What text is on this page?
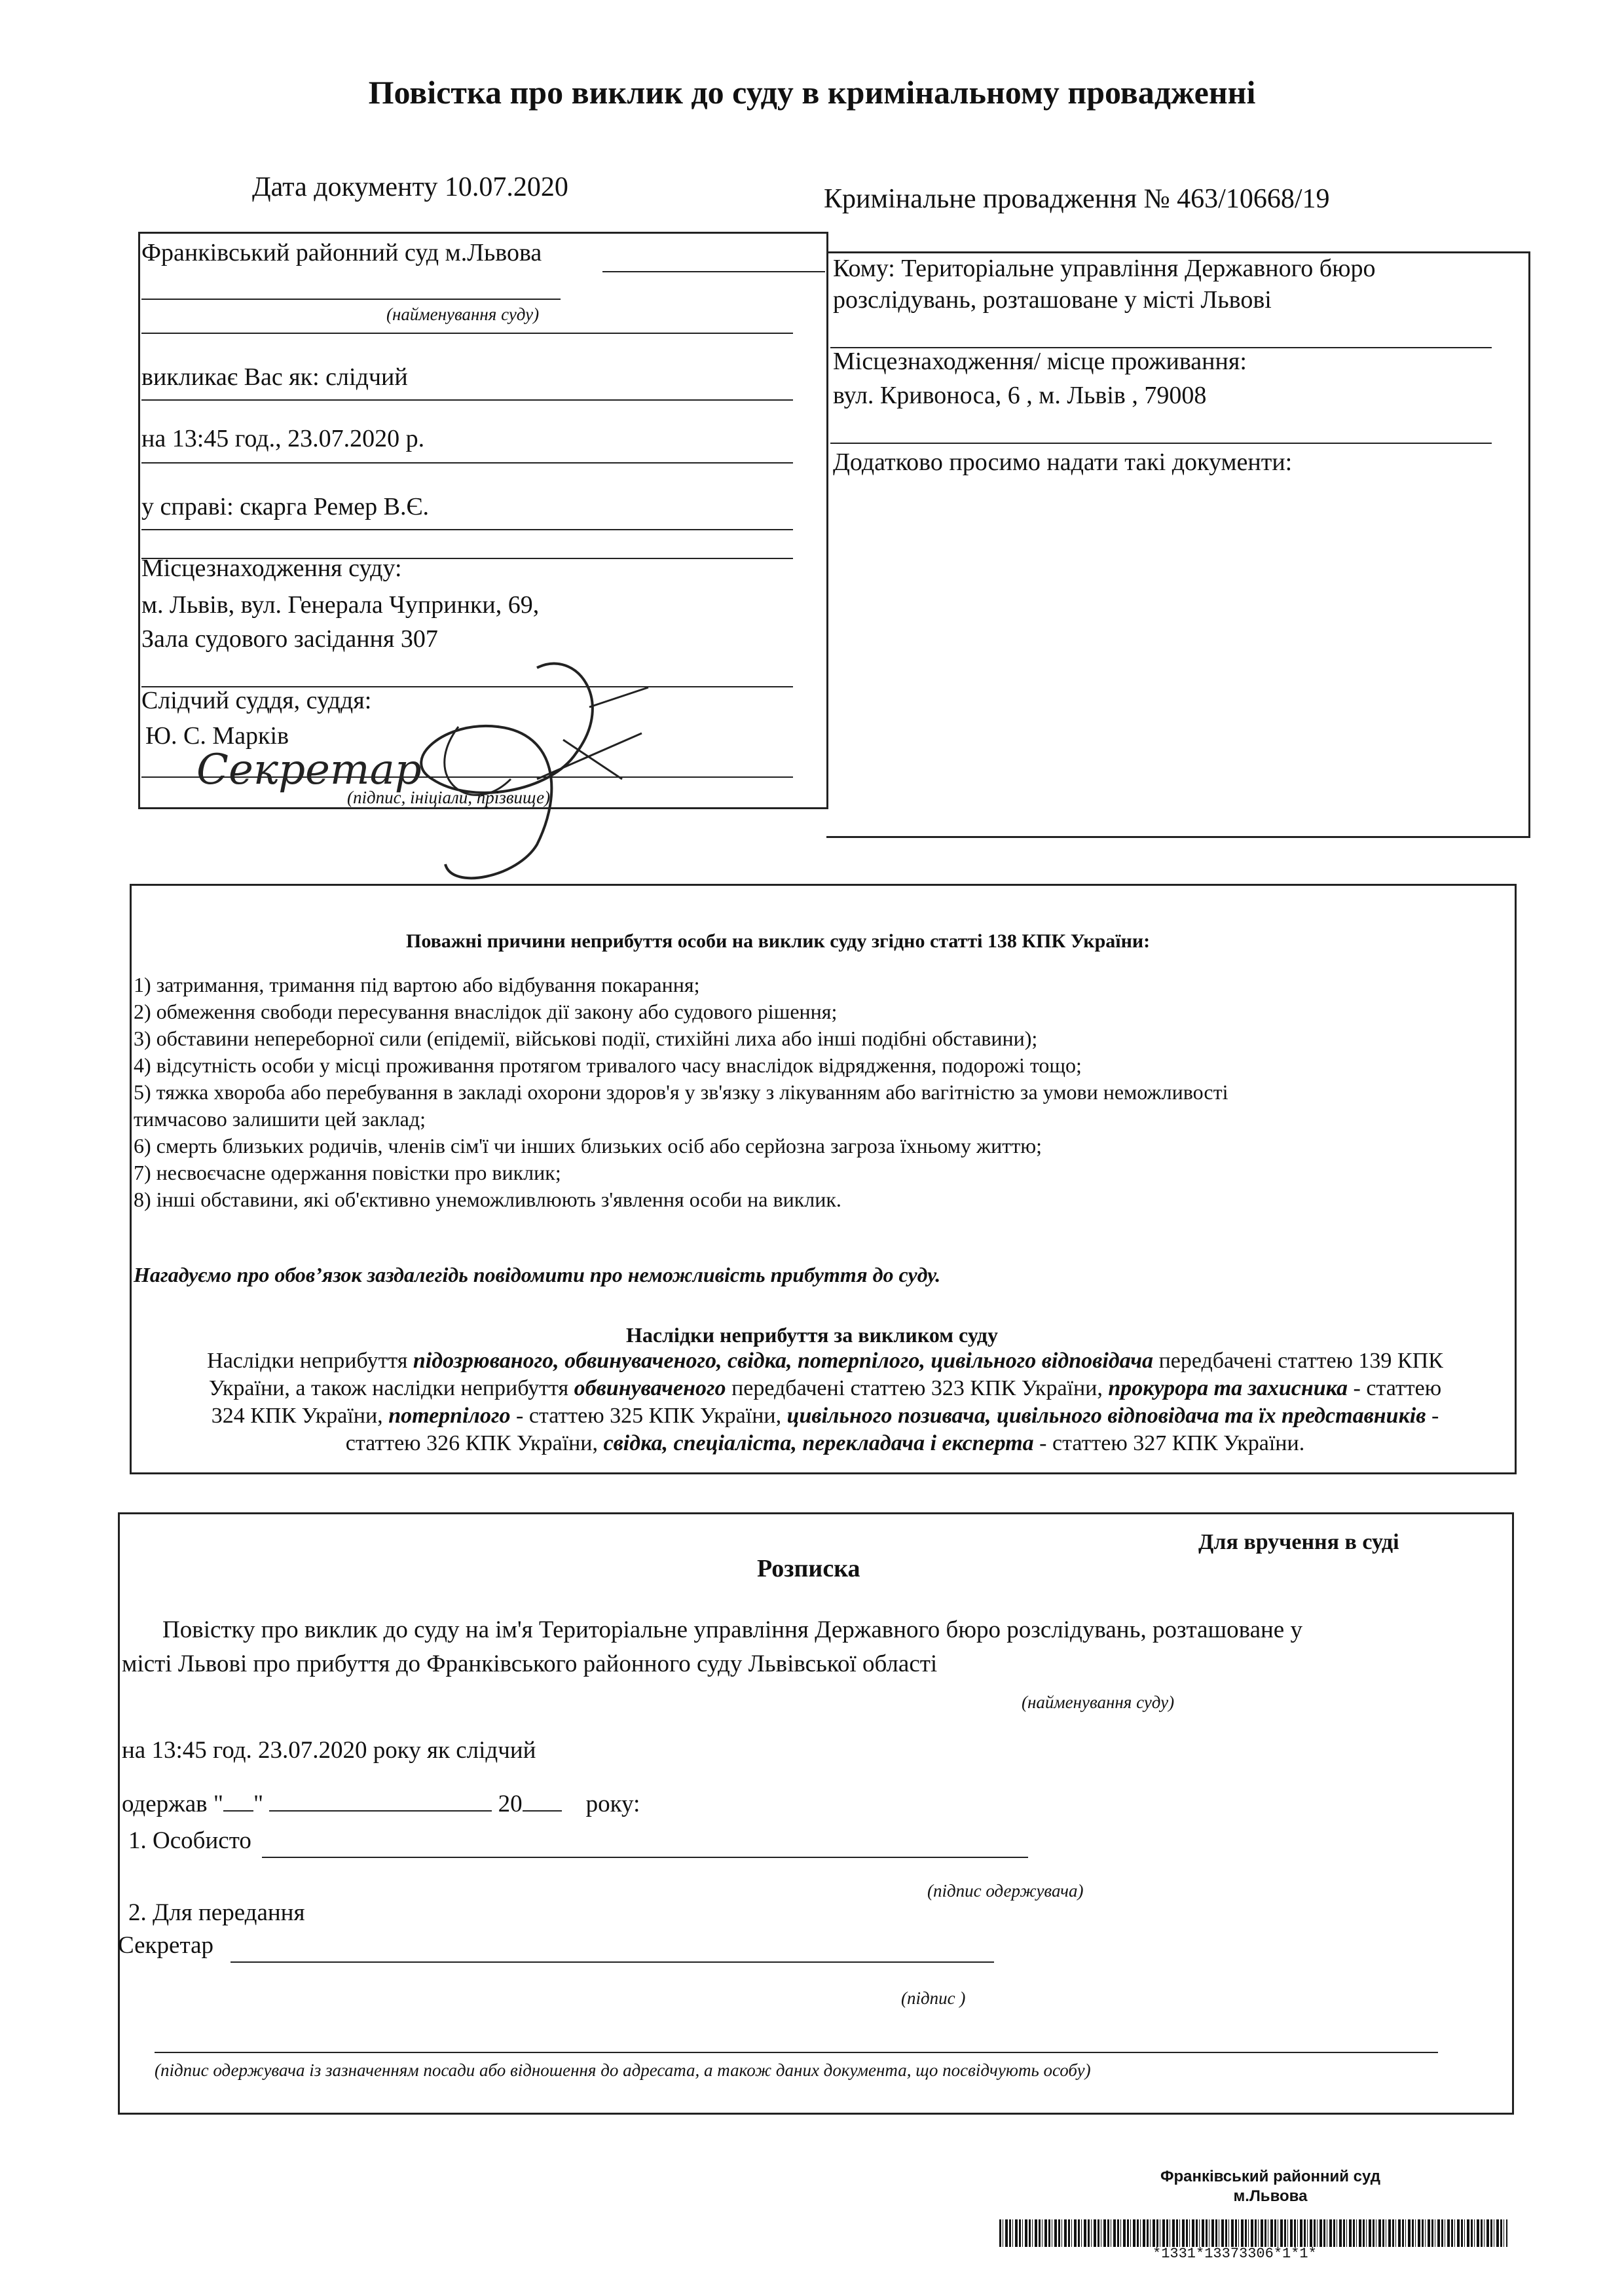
Повістка про виклик до суду в кримінальному провадженні
Дата документу 10.07.2020	Кримінальне провадження № 463/10668/19
Франківський районний суд м.Львова
(найменування суду)
викликає Вас як: слідчий
на 13:45 год., 23.07.2020 р.
у справі: скарга Ремер В.Є.
Місцезнаходження суду:
м. Львів, вул. Генерала Чупринки, 69,
Зала судового засідання 307
Слідчий суддя, суддя:
Ю. С. Марків
Секретар
(підпис, ініціали, прізвище)
Кому: Територіальне управління Державного бюро
розслідувань, розташоване у місті Львові
Місцезнаходження/ місце проживання:
вул. Кривоноса, 6 , м. Львів , 79008
Додатково просимо надати такі документи:
Поважні причини неприбуття особи на виклик суду згідно статті 138 КПК України:
1) затримання, тримання під вартою або відбування покарання;
2) обмеження свободи пересування внаслідок дії закону або судового рішення;
3) обставини непереборної сили (епідемії, військові події, стихійні лиха або інші подібні обставини);
4) відсутність особи у місці проживання протягом тривалого часу внаслідок відрядження, подорожі тощо;
5) тяжка хвороба або перебування в закладі охорони здоров'я у зв'язку з лікуванням або вагітністю за умови неможливості
тимчасово залишити цей заклад;
6) смерть близьких родичів, членів сім'ї чи інших близьких осіб або серйозна загроза їхньому життю;
7) несвоєчасне одержання повістки про виклик;
8) інші обставини, які об'єктивно унеможливлюють з'явлення особи на виклик.
Нагадуємо про обов’язок заздалегідь повідомити про неможливість прибуття до суду.
Наслідки неприбуття за викликом суду
Наслідки неприбуття підозрюваного, обвинуваченого, свідка, потерпілого, цивільного відповідача передбачені статтею 139 КПК
України, а також наслідки неприбуття обвинуваченого передбачені статтею 323 КПК України, прокурора та захисника - статтею
324 КПК України, потерпілого - статтею 325 КПК України, цивільного позивача, цивільного відповідача та їх представників -
статтею 326 КПК України, свідка, спеціаліста, перекладача і експерта - статтею 327 КПК України.
Для вручення в суді
Розписка
Повістку про виклик до суду на ім'я Територіальне управління Державного бюро розслідувань, розташоване у
місті Львові про прибуття до Франківського районного суду Львівської області
(найменування суду)
на 13:45 год. 23.07.2020 року як слідчий
одержав " "	20	року:
1. Особисто
(підпис одержувача)
2. Для передання
Секретар
(підпис )
(підпис одержувача із зазначенням посади або відношення до адресата, а також даних документа, що посвідчують особу)
Франківський районний суд
м.Львова
*1331*13373306*1*1*
